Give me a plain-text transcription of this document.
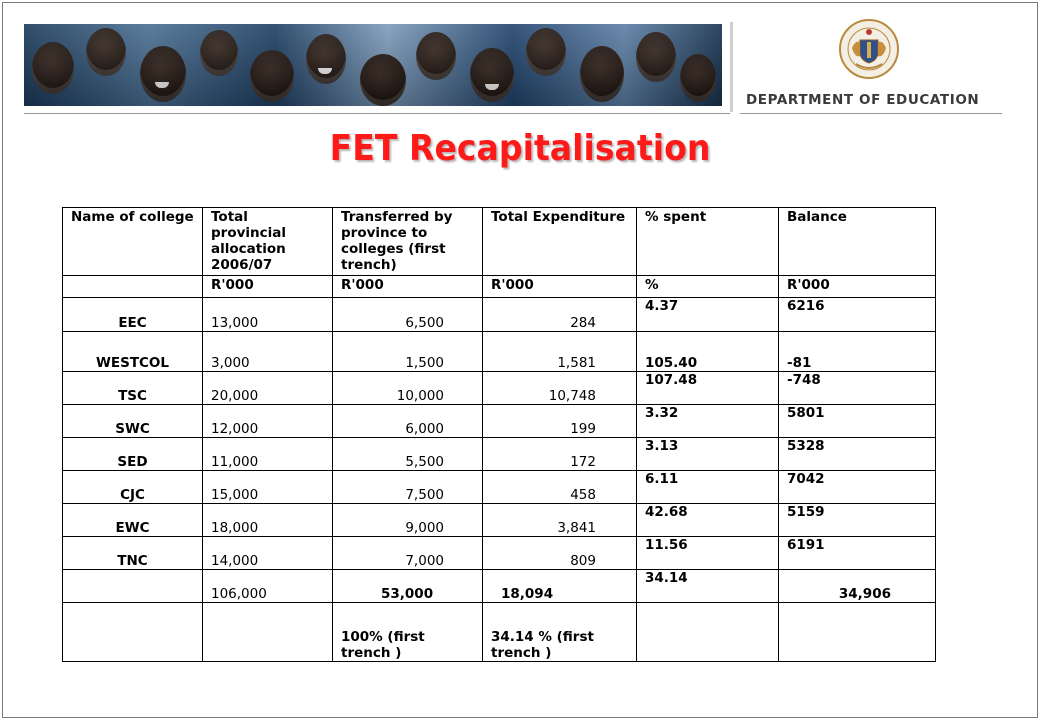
DEPARTMENT OF EDUCATION
FET Recapitalisation
Name of college	Total provincial allocation 2006/07	Transferred by province to colleges (first trench)	Total Expenditure	% spent	Balance
	R'000	R'000	R'000	%	R'000
EEC	13,000	6,500	284	4.37	6216
WESTCOL	3,000	1,500	1,581	105.40	-81
TSC	20,000	10,000	10,748	107.48	-748
SWC	12,000	6,000	199	3.32	5801
SED	11,000	5,500	172	3.13	5328
CJC	15,000	7,500	458	6.11	7042
EWC	18,000	9,000	3,841	42.68	5159
TNC	14,000	7,000	809	11.56	6191
	106,000	53,000	18,094	34.14	34,906
		100% (first trench )	34.14 % (first trench )		
